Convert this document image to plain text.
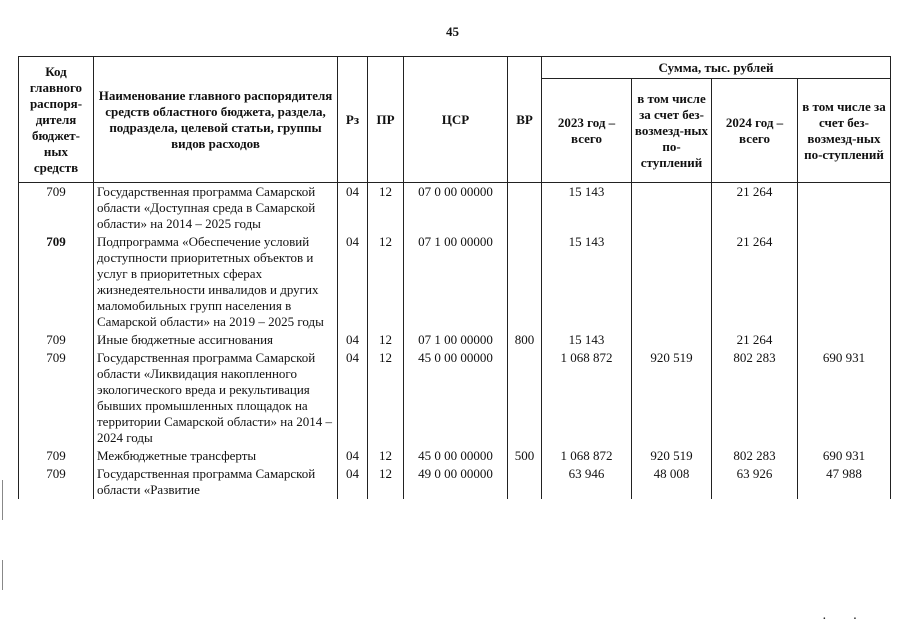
45
Код главного распоря-дителя бюджет-ных средств	Наименование главного распорядителя средств областного бюджета, раздела, подраздела, целевой статьи, группы видов расходов	Рз	ПР	ЦСР	ВР	Сумма, тыс. рублей			
						2023 год – всего	в том числе за счет без-возмезд-ных по-ступлений	2024 год – всего	в том числе за счет без-возмезд-ных по-ступлений
709	Государственная программа Самарской области «Доступная среда в Самарской области» на 2014 – 2025 годы	04	12	07 0 00 00000		15 143		21 264	
709	Подпрограмма «Обеспечение условий доступности приоритетных объектов и услуг в приоритетных сферах жизнедеятельности инвалидов и других маломобильных групп населения в Самарской области» на 2019 – 2025 годы	04	12	07 1 00 00000		15 143		21 264	
709	Иные бюджетные ассигнования	04	12	07 1 00 00000	800	15 143		21 264	
709	Государственная программа Самарской области «Ликвидация накопленного экологического вреда и рекультивация бывших промышленных площадок на территории Самарской области» на 2014 – 2024 годы	04	12	45 0 00 00000		1 068 872	920 519	802 283	690 931
709	Межбюджетные трансферты	04	12	45 0 00 00000	500	1 068 872	920 519	802 283	690 931
709	Государственная программа Самарской области «Развитие	04	12	49 0 00 00000		63 946	48 008	63 926	47 988
··
